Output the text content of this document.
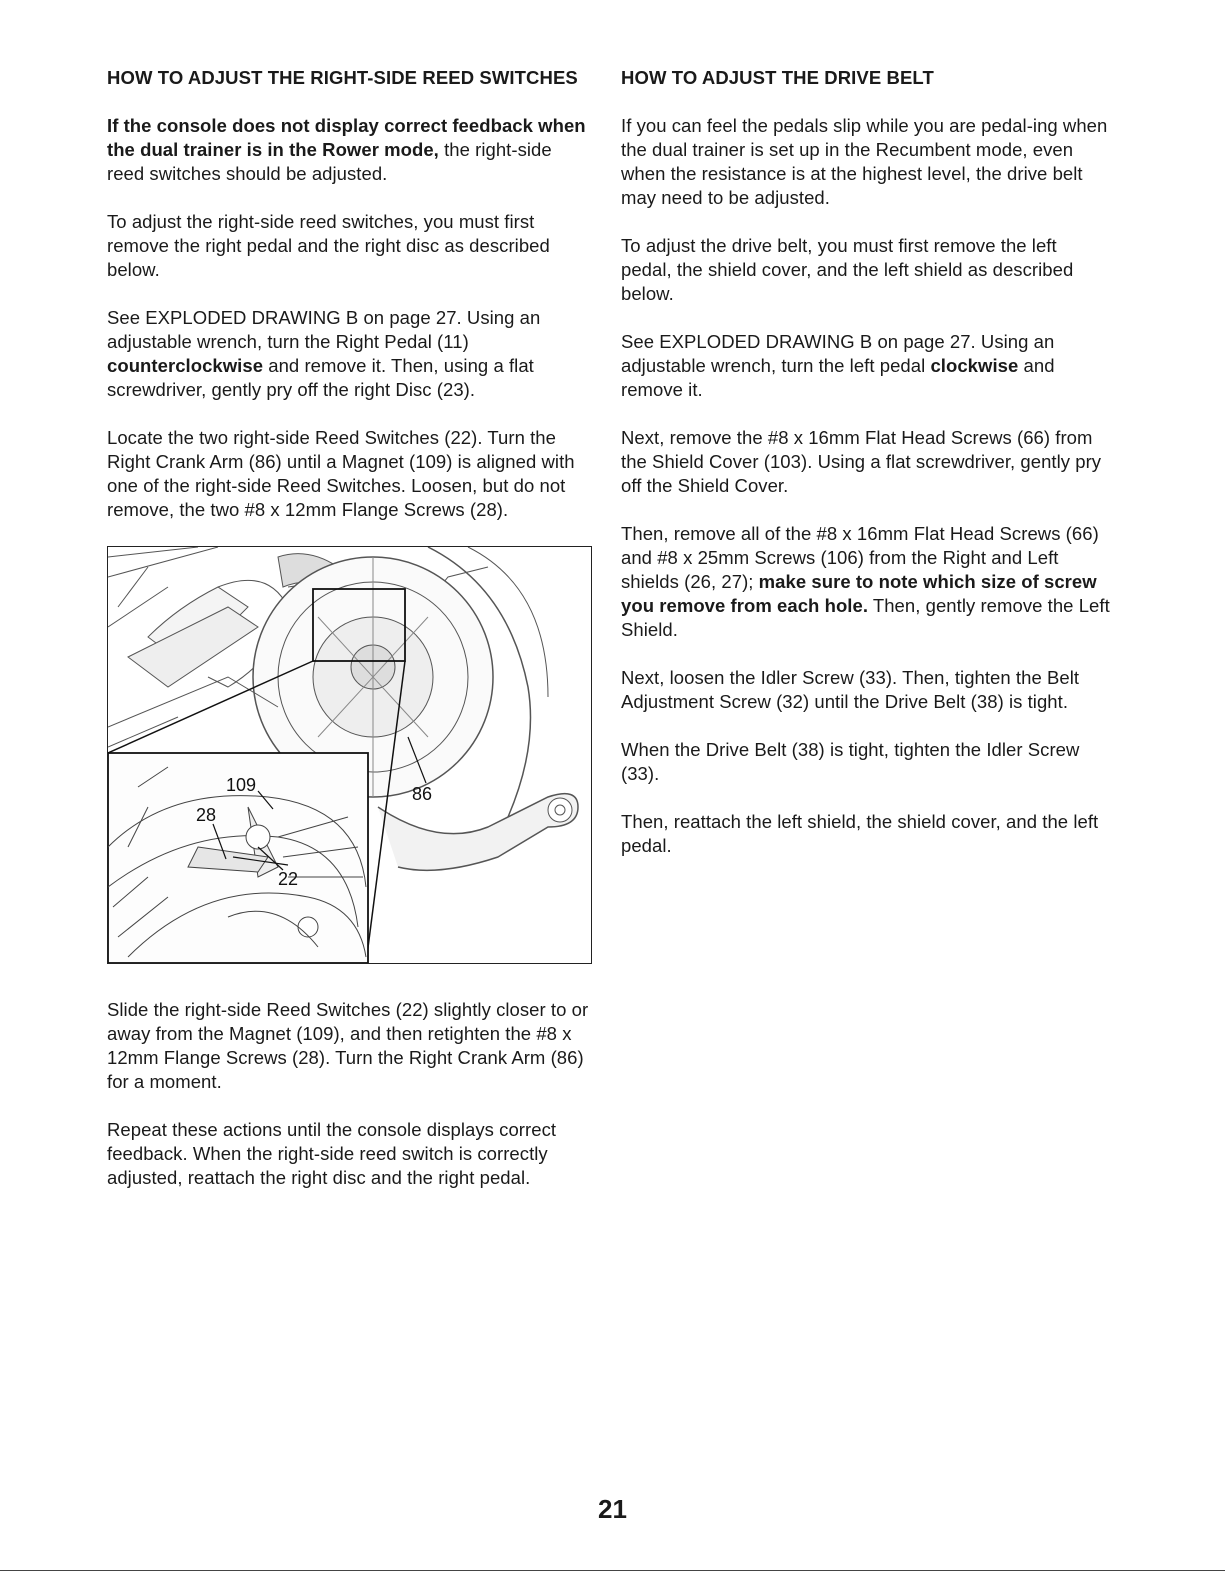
HOW TO ADJUST THE RIGHT-SIDE REED SWITCHES

If the console does not display correct feedback when the dual trainer is in the Rower mode, the right-side reed switches should be adjusted.

To adjust the right-side reed switches, you must first remove the right pedal and the right disc as described below.

See EXPLODED DRAWING B on page 27. Using an adjustable wrench, turn the Right Pedal (11) counterclockwise and remove it. Then, using a flat screwdriver, gently pry off the right Disc (23).

Locate the two right-side Reed Switches (22). Turn the Right Crank Arm (86) until a Magnet (109) is aligned with one of the right-side Reed Switches. Loosen, but do not remove, the two #8 x 12mm Flange Screws (28).

109
28
86
22

Slide the right-side Reed Switches (22) slightly closer to or away from the Magnet (109), and then retighten the #8 x 12mm Flange Screws (28). Turn the Right Crank Arm (86) for a moment.

Repeat these actions until the console displays correct feedback. When the right-side reed switch is correctly adjusted, reattach the right disc and the right pedal.

HOW TO ADJUST THE DRIVE BELT

If you can feel the pedals slip while you are pedal-ing when the dual trainer is set up in the Recumbent mode, even when the resistance is at the highest level, the drive belt may need to be adjusted.

To adjust the drive belt, you must first remove the left pedal, the shield cover, and the left shield as described below.

See EXPLODED DRAWING B on page 27. Using an adjustable wrench, turn the left pedal clockwise and remove it.

Next, remove the #8 x 16mm Flat Head Screws (66) from the Shield Cover (103). Using a flat screwdriver, gently pry off the Shield Cover.

Then, remove all of the #8 x 16mm Flat Head Screws (66) and #8 x 25mm Screws (106) from the Right and Left shields (26, 27); make sure to note which size of screw you remove from each hole. Then, gently remove the Left Shield.

Next, loosen the Idler Screw (33). Then, tighten the Belt Adjustment Screw (32) until the Drive Belt (38) is tight.

When the Drive Belt (38) is tight, tighten the Idler Screw (33).

Then, reattach the left shield, the shield cover, and the left pedal.

21
